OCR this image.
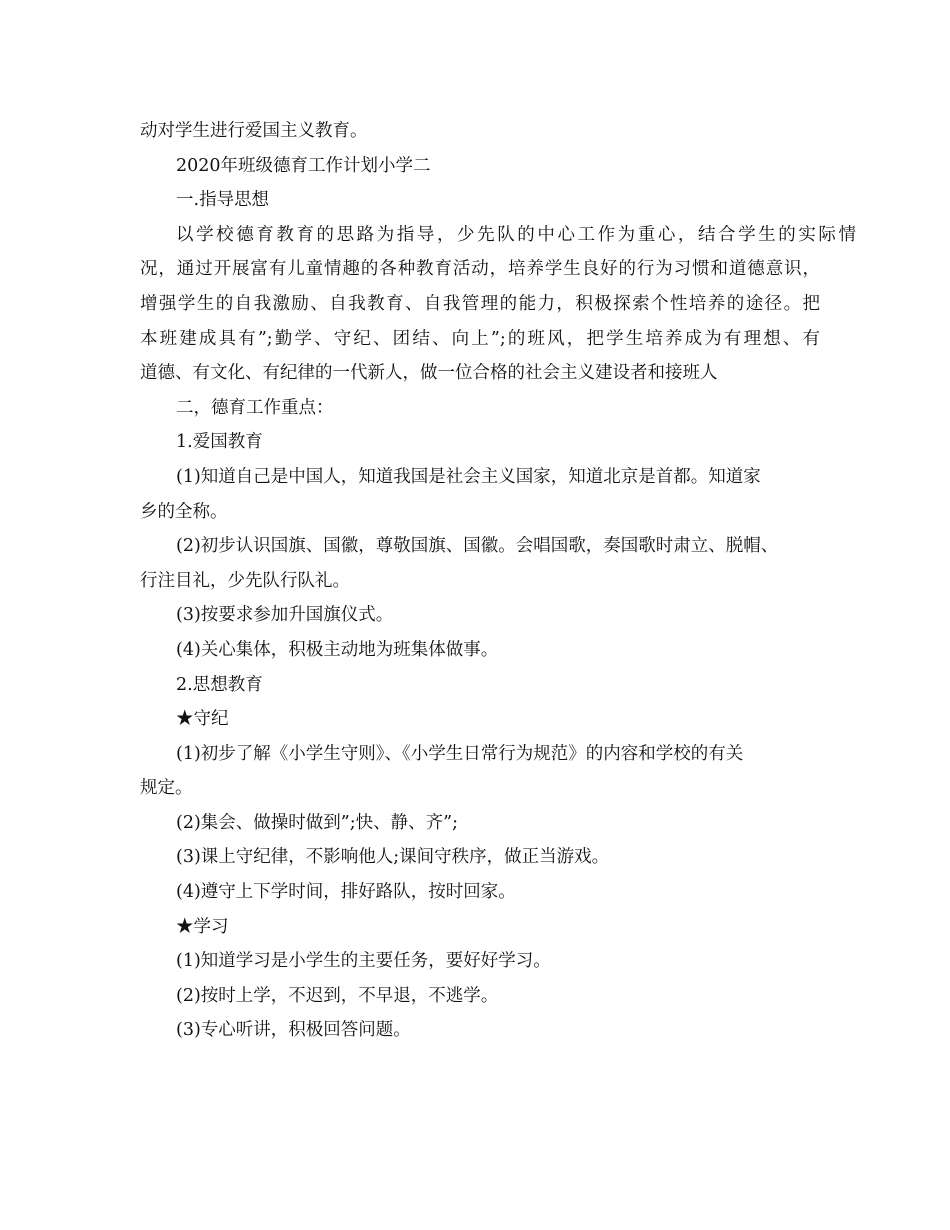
动对学生进行爱国主义教育。
2020年班级德育工作计划小学二
一.指导思想
以学校德育教育的思路为指导，少先队的中心工作为重心，结合学生的实际情
况，通过开展富有儿童情趣的各种教育活动，培养学生良好的行为习惯和道德意识，
增强学生的自我激励、自我教育、自我管理的能力，积极探索个性培养的途径。把
本班建成具有”;勤学、守纪、团结、向上”;的班风，把学生培养成为有理想、有
道德、有文化、有纪律的一代新人，做一位合格的社会主义建设者和接班人
二，德育工作重点：
1.爱国教育
(1)知道自己是中国人，知道我国是社会主义国家，知道北京是首都。知道家
乡的全称。
(2)初步认识国旗、国徽，尊敬国旗、国徽。会唱国歌，奏国歌时肃立、脱帽、
行注目礼，少先队行队礼。
(3)按要求参加升国旗仪式。
(4)关心集体，积极主动地为班集体做事。
2.思想教育
★守纪
(1)初步了解《小学生守则》、《小学生日常行为规范》的内容和学校的有关
规定。
(2)集会、做操时做到”;快、静、齐”;
(3)课上守纪律，不影响他人;课间守秩序，做正当游戏。
(4)遵守上下学时间，排好路队，按时回家。
★学习
(1)知道学习是小学生的主要任务，要好好学习。
(2)按时上学，不迟到，不早退，不逃学。
(3)专心听讲，积极回答问题。
